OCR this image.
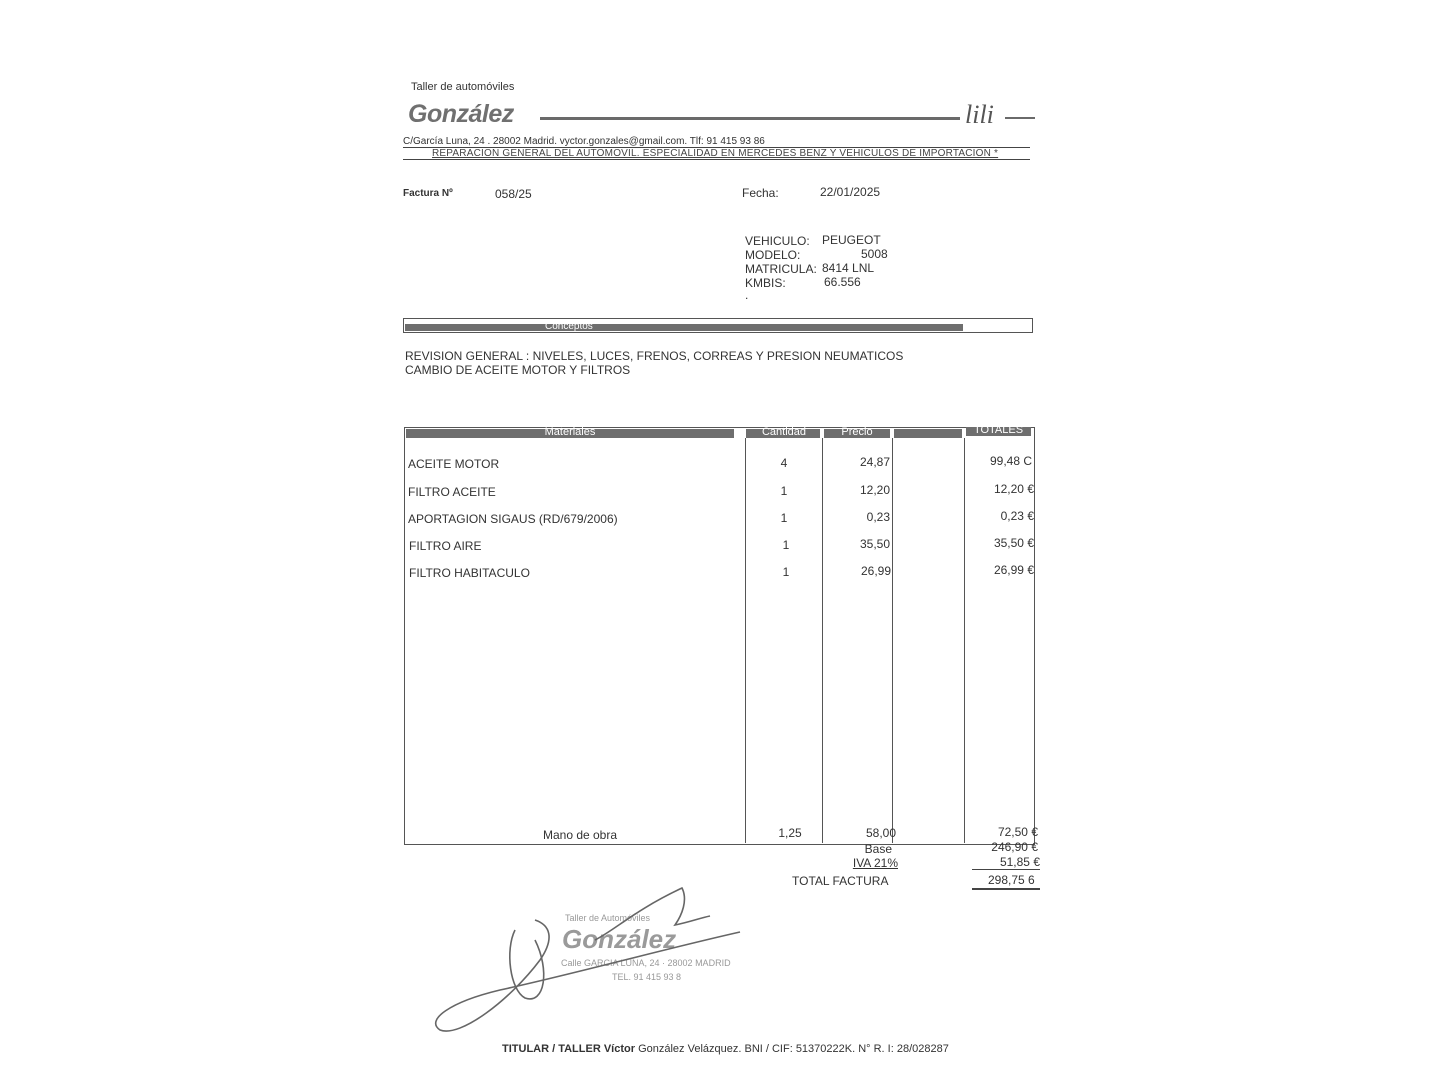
Taller de automóviles
González	lili
C/García Luna, 24 . 28002 Madrid. vyctor.gonzales@gmail.com. Tlf: 91 415 93 86
REPARACION GENERAL DEL AUTOMOVIL. ESPECIALIDAD EN MERCEDES BENZ Y VEHICULOS DE IMPORTACION *
Factura Nº	058/25	Fecha:	22/01/2025
VEHICULO: PEUGEOT
MODELO:	5008
MATRICULA: 8414 LNL
KMBIS:	66.556
.
Conceptos
REVISION GENERAL : NIVELES, LUCES, FRENOS, CORREAS Y PRESION NEUMATICOS
CAMBIO DE ACEITE MOTOR Y FILTROS
Materiales	Cantidad	Precio	TOTALES
ACEITE MOTOR	4	24,87	99,48 C
FILTRO ACEITE	1	12,20	12,20 €
APORTAGION SIGAUS (RD/679/2006)	1	0,23	0,23 €
FILTRO AIRE	1	35,50	35,50 €
FILTRO HABITACULO	1	26,99	26,99 €
Mano de obra	1,25	58,00	72,50 €
Base	246,90 €
IVA 21%	51,85 €
TOTAL FACTURA	298,75 6
Taller de Automóviles
González
Calle GARCIA LUNA, 24 · 28002 MADRID
TEL. 91 415 93 8
TITULAR / TALLER Víctor González Velázquez. BNI / CIF: 51370222K. N° R. I: 28/028287
